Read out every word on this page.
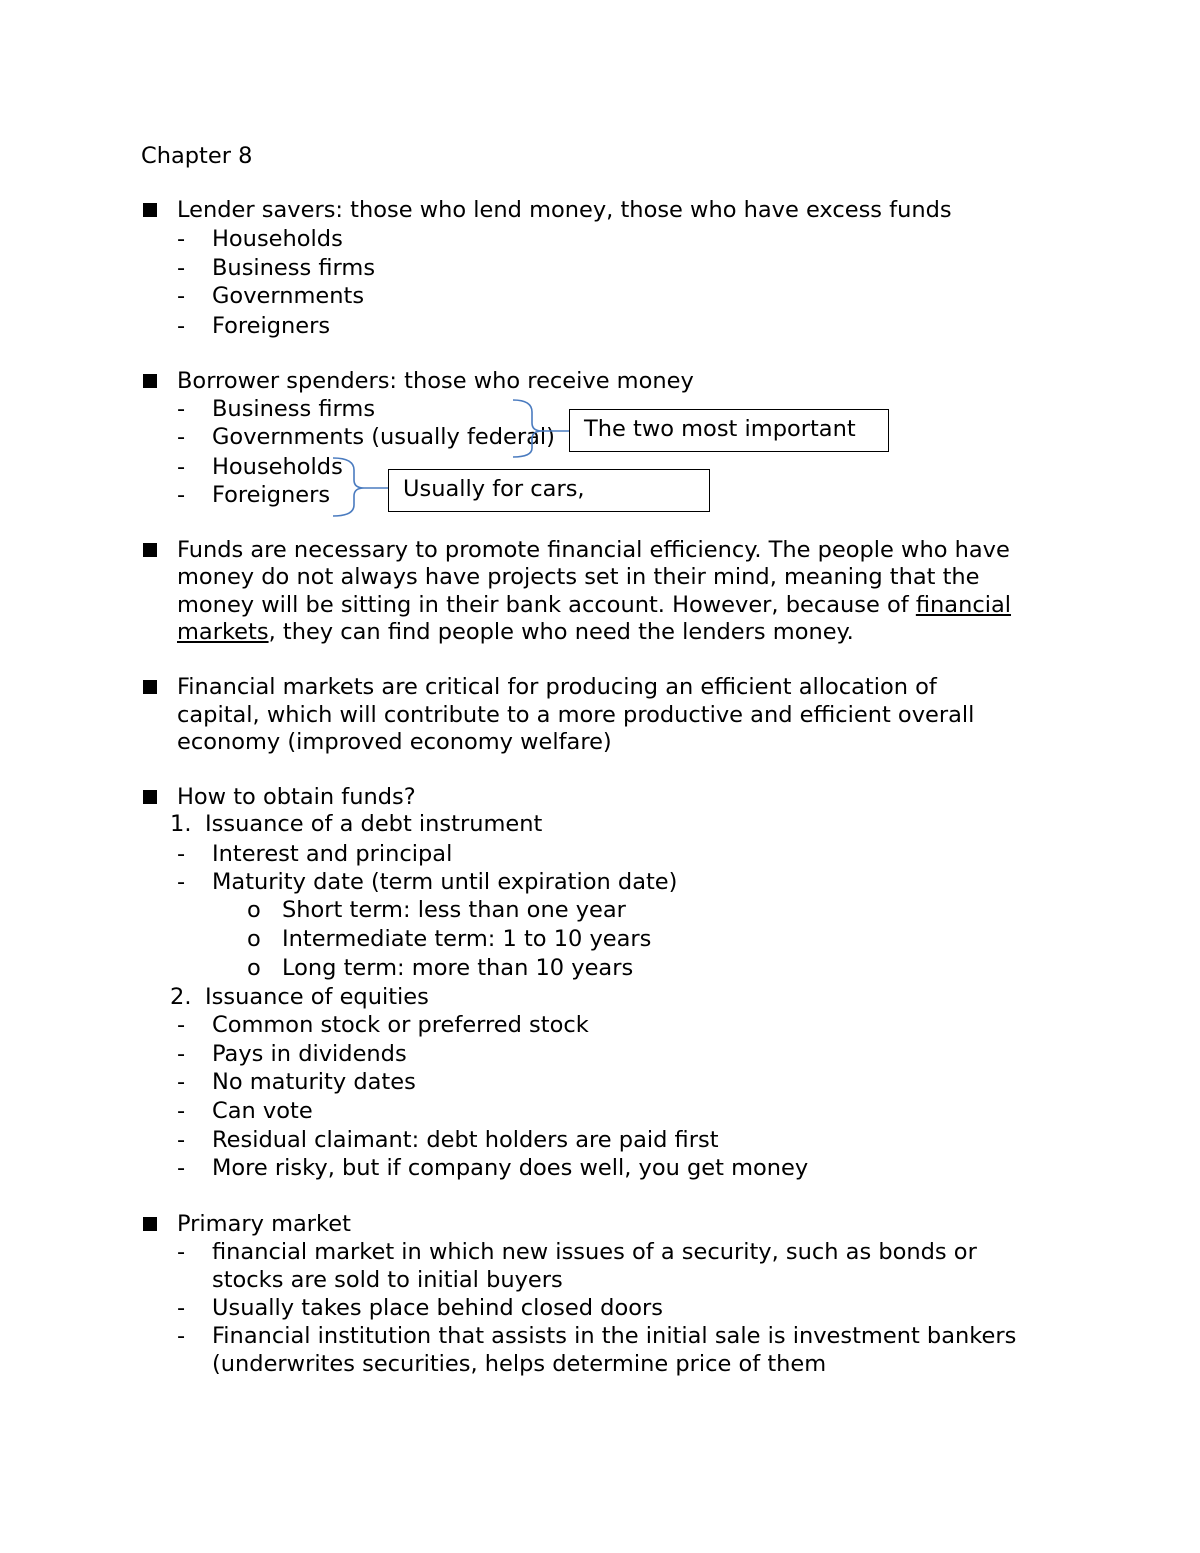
Chapter 8
Lender savers: those who lend money, those who have excess funds
- Households
- Business firms
- Governments
- Foreigners
Borrower spenders: those who receive money
- Business firms
- Governments (usually federal)
- Households
- Foreigners
The two most important
Usually for cars,
Funds are necessary to promote financial efficiency. The people who have
money do not always have projects set in their mind, meaning that the
money will be sitting in their bank account. However, because of financial
markets, they can find people who need the lenders money.
Financial markets are critical for producing an efficient allocation of
capital, which will contribute to a more productive and efficient overall
economy (improved economy welfare)
How to obtain funds?
1. Issuance of a debt instrument
- Interest and principal
- Maturity date (term until expiration date)
o Short term: less than one year
o Intermediate term: 1 to 10 years
o Long term: more than 10 years
2. Issuance of equities
- Common stock or preferred stock
- Pays in dividends
- No maturity dates
- Can vote
- Residual claimant: debt holders are paid first
- More risky, but if company does well, you get money
Primary market
- financial market in which new issues of a security, such as bonds or
stocks are sold to initial buyers
- Usually takes place behind closed doors
- Financial institution that assists in the initial sale is investment bankers
(underwrites securities, helps determine price of them
